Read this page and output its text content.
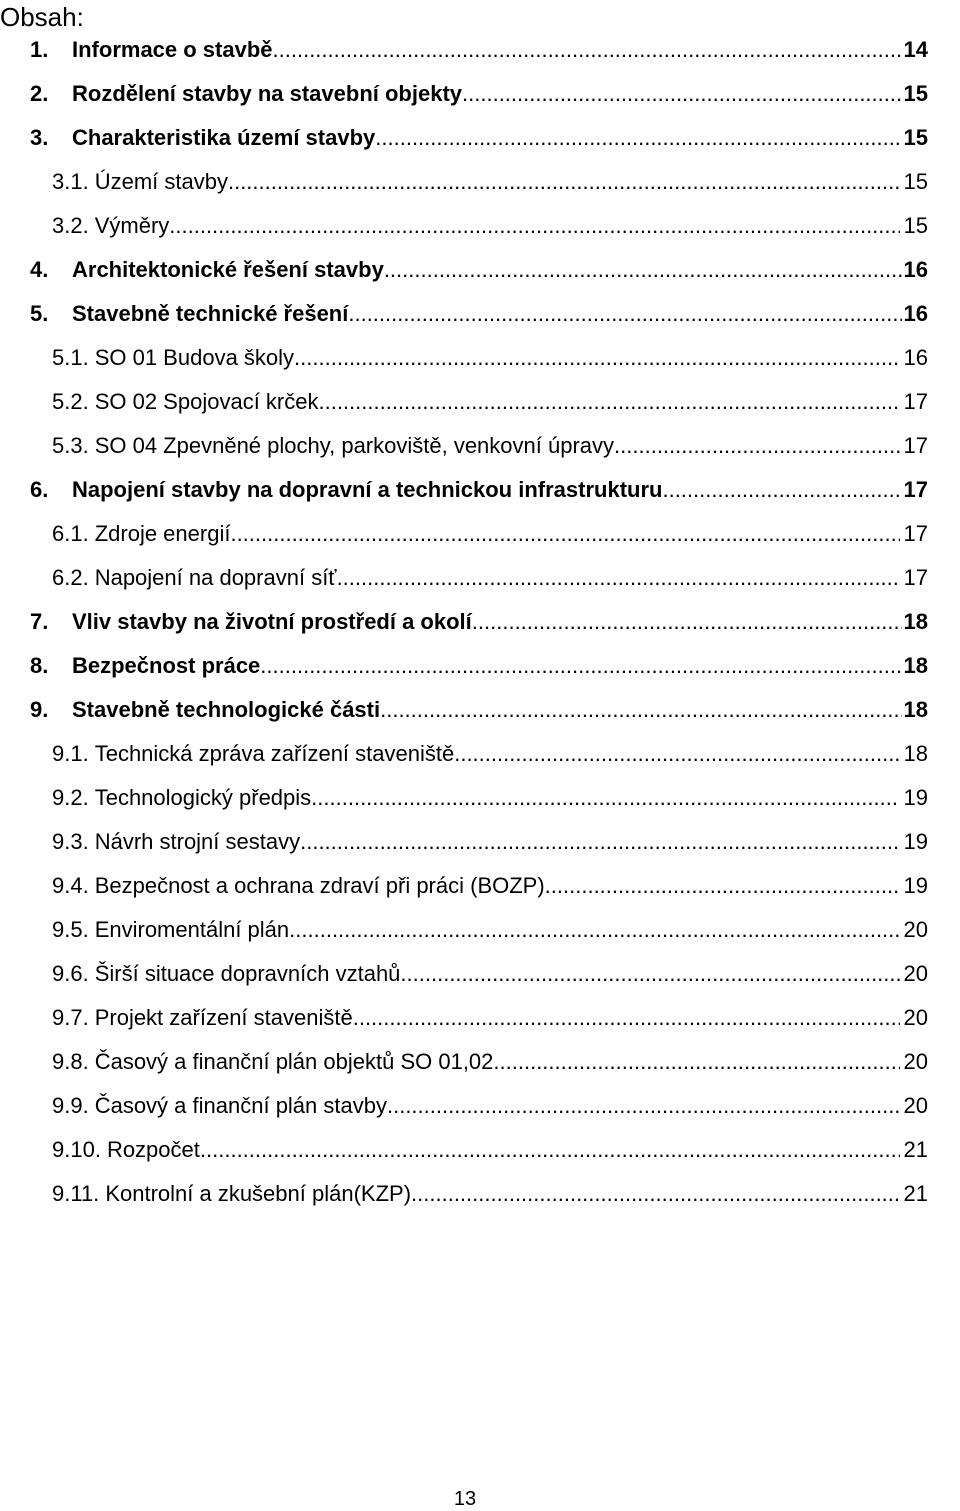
Obsah:
1.	Informace o stavbě .....	14
2.	Rozdělení stavby na stavební objekty .....	15
3.	Charakteristika území stavby .....	15
3.1. Území stavby .....	15
3.2. Výměry .....	15
4.	Architektonické řešení stavby .....	16
5.	Stavebně technické řešení .....	16
5.1. SO 01 Budova školy .....	16
5.2. SO 02 Spojovací krček .....	17
5.3. SO 04 Zpevněné plochy, parkoviště, venkovní úpravy .....	17
6.	Napojení stavby na dopravní a technickou infrastrukturu .....	17
6.1. Zdroje energií .....	17
6.2. Napojení na dopravní síť .....	17
7.	Vliv stavby na životní prostředí a okolí .....	18
8.	Bezpečnost práce .....	18
9.	Stavebně technologické části .....	18
9.1. Technická zpráva zařízení staveniště .....	18
9.2. Technologický předpis .....	19
9.3. Návrh strojní sestavy .....	19
9.4. Bezpečnost a ochrana zdraví při práci (BOZP) .....	19
9.5. Enviromentální plán .....	20
9.6. Širší situace dopravních vztahů .....	20
9.7. Projekt zařízení staveniště .....	20
9.8. Časový a finanční plán objektů SO 01,02 .....	20
9.9. Časový a finanční plán stavby .....	20
9.10. Rozpočet .....	21
9.11. Kontrolní a zkušební plán(KZP) .....	21
13
